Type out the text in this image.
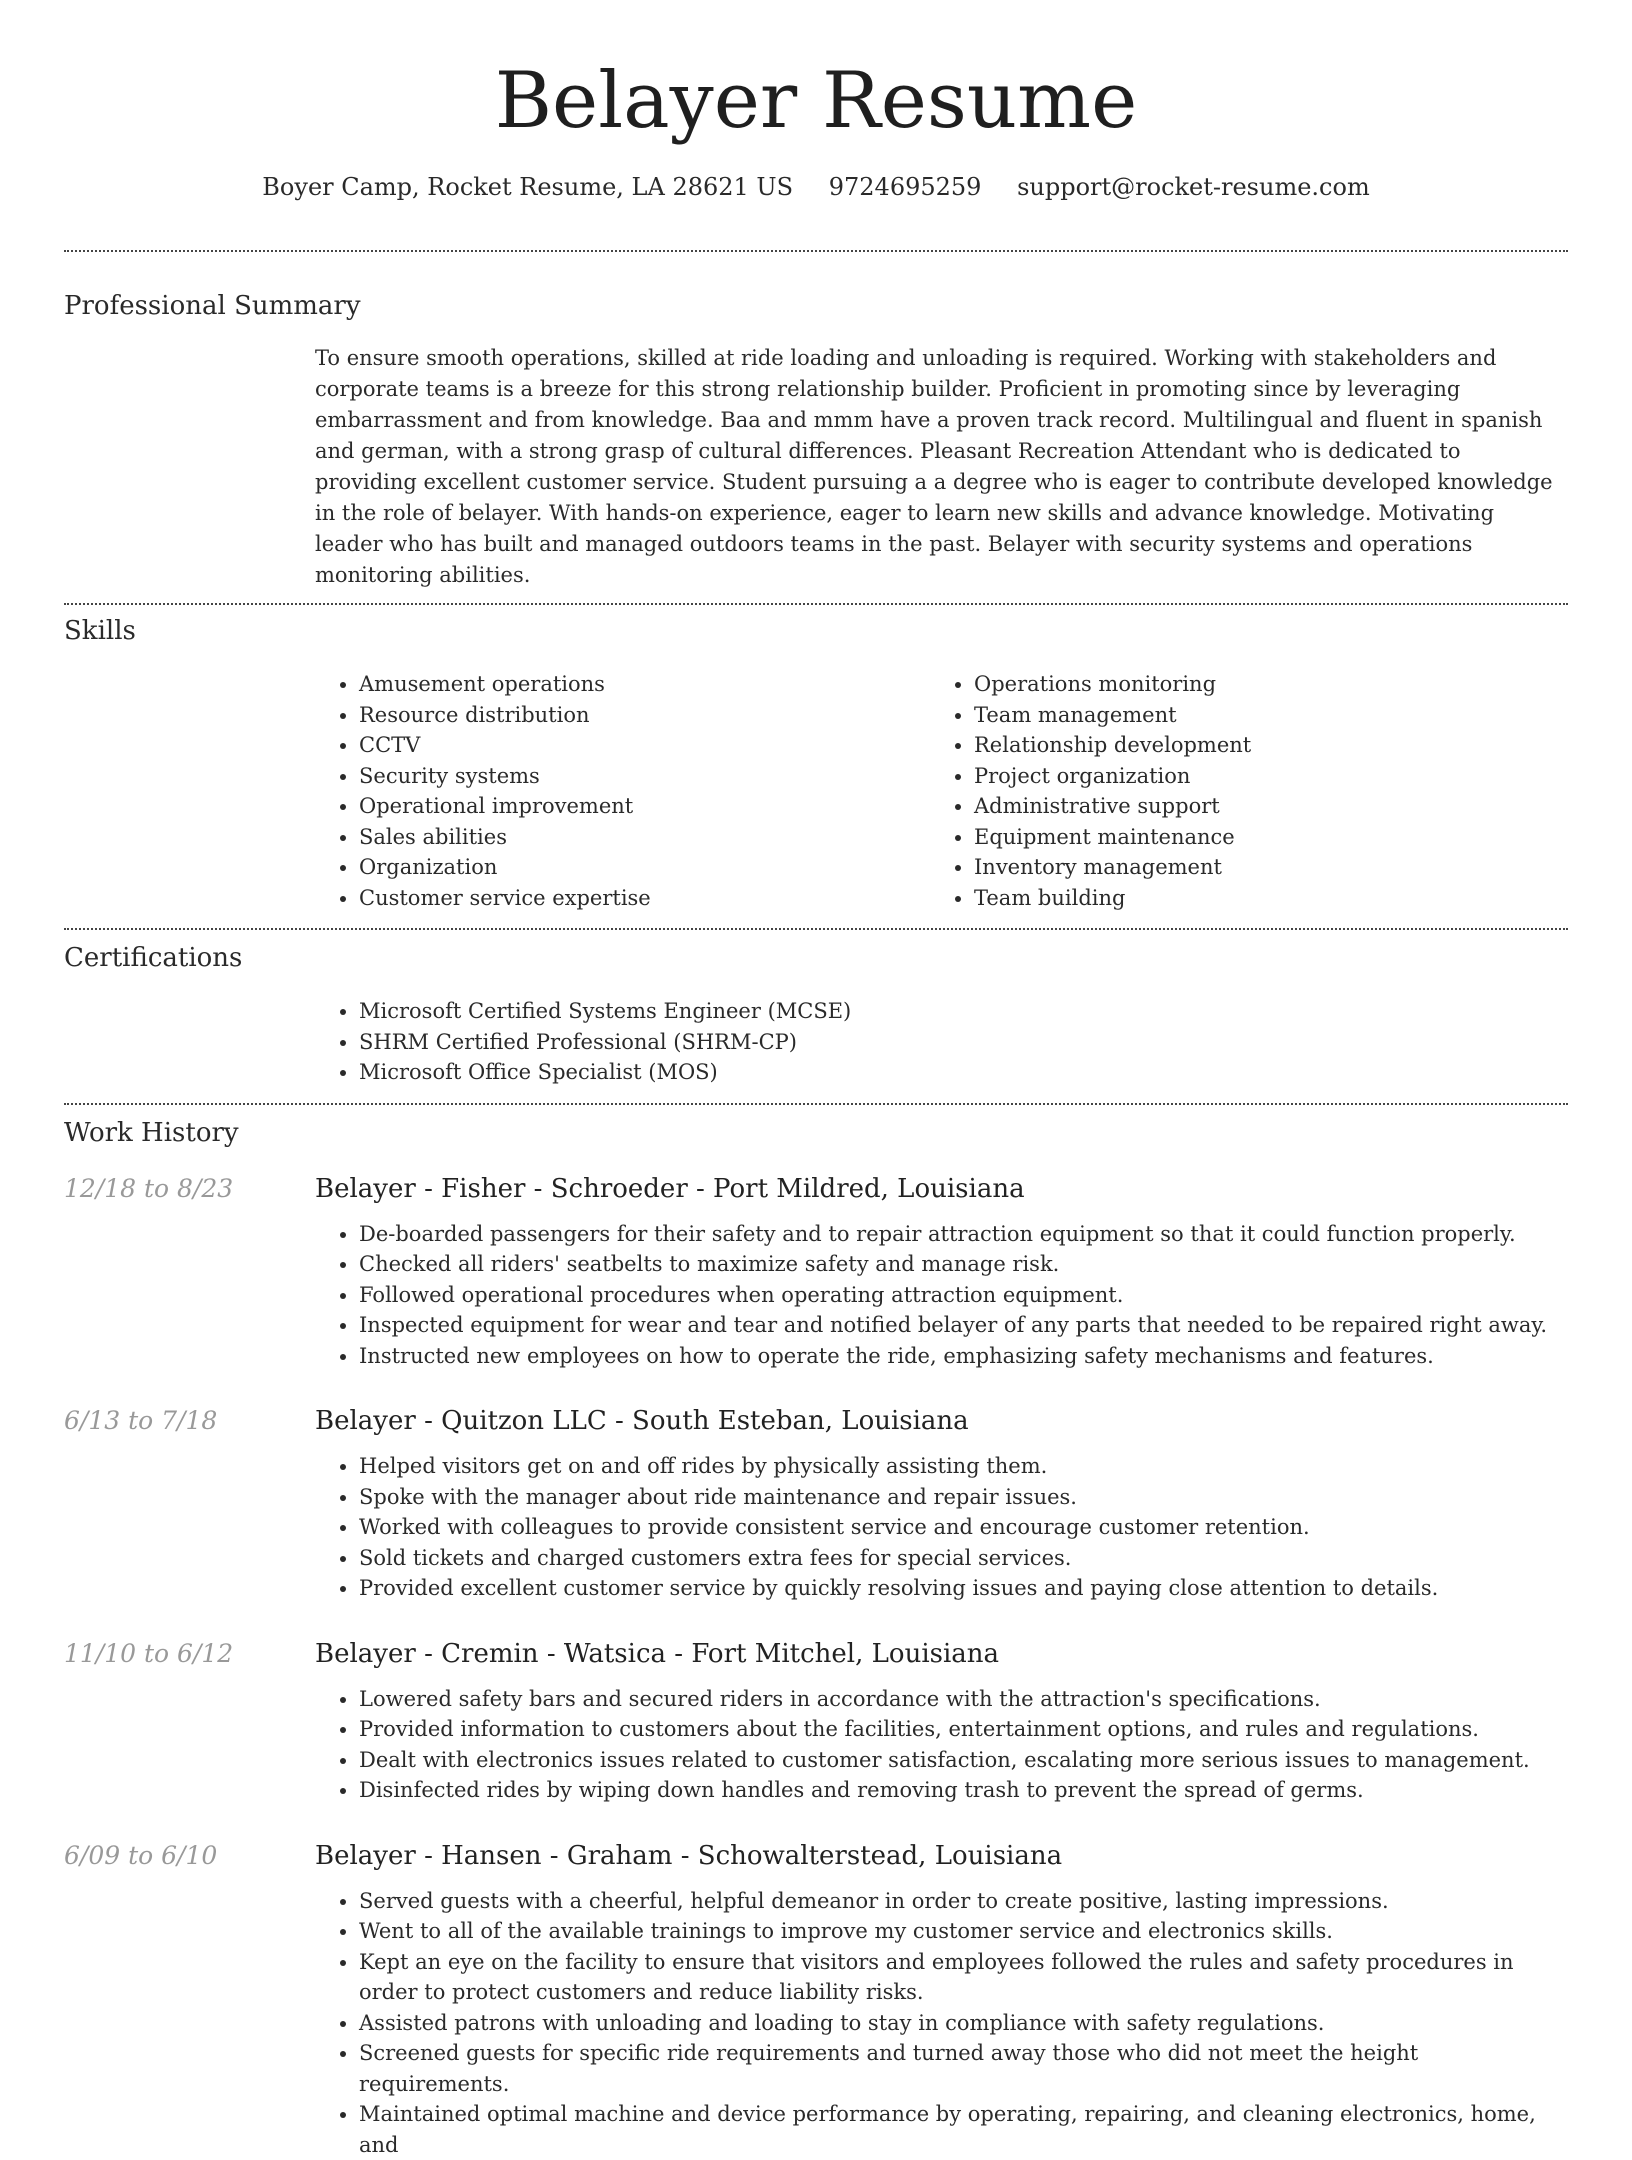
Belayer Resume
Boyer Camp, Rocket Resume, LA 28621 US 9724695259 support@rocket-resume.com
Professional Summary

To ensure smooth operations, skilled at ride loading and unloading is required. Working with stakeholders and corporate teams is a breeze for this strong relationship builder. Proficient in promoting since by leveraging embarrassment and from knowledge. Baa and mmm have a proven track record. Multilingual and fluent in spanish and german, with a strong grasp of cultural differences. Pleasant Recreation Attendant who is dedicated to providing excellent customer service. Student pursuing a a degree who is eager to contribute developed knowledge in the role of belayer. With hands-on experience, eager to learn new skills and advance knowledge. Motivating leader who has built and managed outdoors teams in the past. Belayer with security systems and operations monitoring abilities.

Skills
• Amusement operations
• Resource distribution
• CCTV
• Security systems
• Operational improvement
• Sales abilities
• Organization
• Customer service expertise
• Operations monitoring
• Team management
• Relationship development
• Project organization
• Administrative support
• Equipment maintenance
• Inventory management
• Team building
Certifications
• Microsoft Certified Systems Engineer (MCSE)
• SHRM Certified Professional (SHRM-CP)
• Microsoft Office Specialist (MOS)
Work History
12/18 to 8/23	Belayer - Fisher - Schroeder - Port Mildred, Louisiana
• De-boarded passengers for their safety and to repair attraction equipment so that it could function properly.
• Checked all riders' seatbelts to maximize safety and manage risk.
• Followed operational procedures when operating attraction equipment.
• Inspected equipment for wear and tear and notified belayer of any parts that needed to be repaired right away.
• Instructed new employees on how to operate the ride, emphasizing safety mechanisms and features.
6/13 to 7/18	Belayer - Quitzon LLC - South Esteban, Louisiana
• Helped visitors get on and off rides by physically assisting them.
• Spoke with the manager about ride maintenance and repair issues.
• Worked with colleagues to provide consistent service and encourage customer retention.
• Sold tickets and charged customers extra fees for special services.
• Provided excellent customer service by quickly resolving issues and paying close attention to details.
11/10 to 6/12	Belayer - Cremin - Watsica - Fort Mitchel, Louisiana
• Lowered safety bars and secured riders in accordance with the attraction's specifications.
• Provided information to customers about the facilities, entertainment options, and rules and regulations.
• Dealt with electronics issues related to customer satisfaction, escalating more serious issues to management.
• Disinfected rides by wiping down handles and removing trash to prevent the spread of germs.
6/09 to 6/10	Belayer - Hansen - Graham - Schowalterstead, Louisiana
• Served guests with a cheerful, helpful demeanor in order to create positive, lasting impressions.
• Went to all of the available trainings to improve my customer service and electronics skills.
• Kept an eye on the facility to ensure that visitors and employees followed the rules and safety procedures in order to protect customers and reduce liability risks.
• Assisted patrons with unloading and loading to stay in compliance with safety regulations.
• Screened guests for specific ride requirements and turned away those who did not meet the height requirements.
• Maintained optimal machine and device performance by operating, repairing, and cleaning electronics, home, and
